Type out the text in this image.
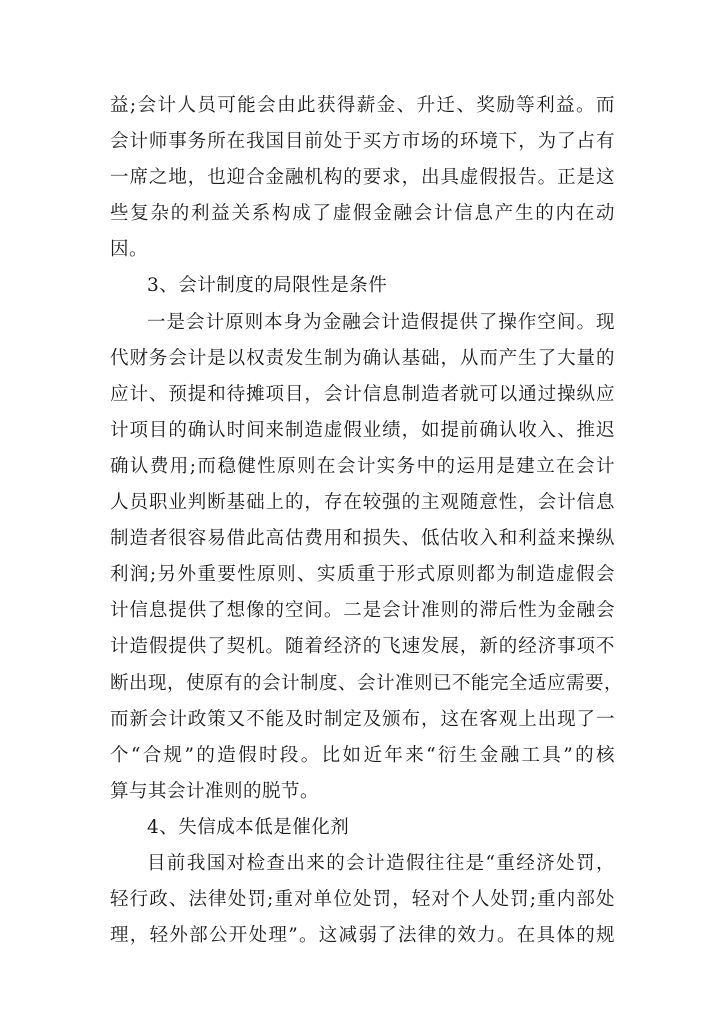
益;会计人员可能会由此获得薪金、升迁、奖励等利益。而
会计师事务所在我国目前处于买方市场的环境下，为了占有
一席之地，也迎合金融机构的要求，出具虚假报告。正是这
些复杂的利益关系构成了虚假金融会计信息产生的内在动
因。
3、会计制度的局限性是条件
一是会计原则本身为金融会计造假提供了操作空间。现
代财务会计是以权责发生制为确认基础，从而产生了大量的
应计、预提和待摊项目，会计信息制造者就可以通过操纵应
计项目的确认时间来制造虚假业绩，如提前确认收入、推迟
确认费用;而稳健性原则在会计实务中的运用是建立在会计
人员职业判断基础上的，存在较强的主观随意性，会计信息
制造者很容易借此高估费用和损失、低估收入和利益来操纵
利润;另外重要性原则、实质重于形式原则都为制造虚假会
计信息提供了想像的空间。二是会计准则的滞后性为金融会
计造假提供了契机。随着经济的飞速发展，新的经济事项不
断出现，使原有的会计制度、会计准则已不能完全适应需要，
而新会计政策又不能及时制定及颁布，这在客观上出现了一
个“合规”的造假时段。比如近年来“衍生金融工具”的核
算与其会计准则的脱节。
4、失信成本低是催化剂
目前我国对检查出来的会计造假往往是“重经济处罚，
轻行政、法律处罚;重对单位处罚，轻对个人处罚;重内部处
理，轻外部公开处理”。这减弱了法律的效力。在具体的规
